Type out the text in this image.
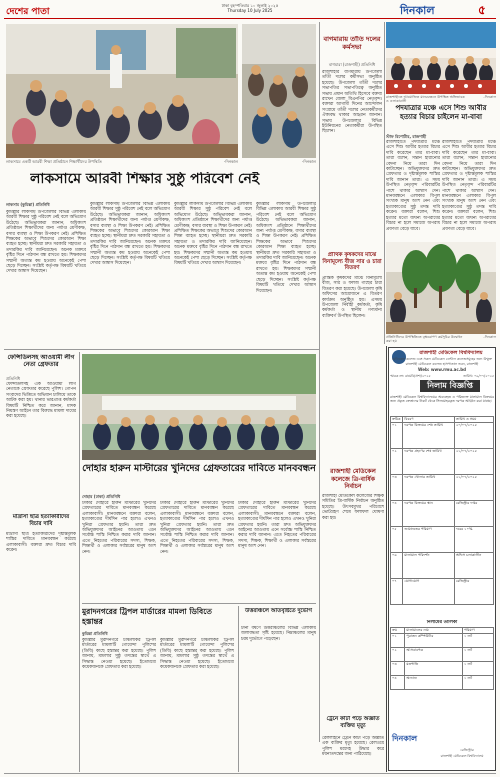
দেশের পাতা
ঢাকা বৃহস্পতিবার ১০ জুলাই ২০২৫
Thursday 10 July 2025	দিনকাল	৫
লাকসামে একটি আরবী শিক্ষা প্রতিষ্ঠানে শিক্ষার্থীদের উপস্থিতি	-দিনকাল
লাকসামে আরবী শিক্ষার সুষ্ঠু পরিবেশ নেই
লাকসাম (কুমিল্লা) প্রতিনিধি
কুমিল্লার লাকসাম উপজেলার বিভিন্ন এলাকায় আরবী শিক্ষার সুষ্ঠু পরিবেশ নেই বলে অভিযোগ উঠেছে। অভিভাবকরা জানান, অধিকাংশ প্রতিষ্ঠানে শিক্ষার্থীদের জন্য পর্যাপ্ত শ্রেণীকক্ষ, বসার ব্যবস্থা ও শিক্ষা উপকরণ নেই। প্রশিক্ষিত শিক্ষকের অভাবে শিশুদের কোরআন শিক্ষা ব্যাহত হচ্ছে। স্থানীয়রা দ্রুত সরকারি সহায়তা ও তদারকির দাবি জানিয়েছেন। অনেক মক্তবে বৃষ্টির দিনে পাঠদান বন্ধ রাখতে হয়। শিক্ষকদের সম্মানী অত্যন্ত কম হওয়ায় অনেকেই পেশা ছেড়ে দিচ্ছেন। সংশ্লিষ্ট কর্তৃপক্ষ বিষয়টি খতিয়ে দেখার আশ্বাস দিয়েছেন।
কুমিল্লার লাকসাম উপজেলার বিভিন্ন এলাকায় আরবী শিক্ষার সুষ্ঠু পরিবেশ নেই বলে অভিযোগ উঠেছে। অভিভাবকরা জানান, অধিকাংশ প্রতিষ্ঠানে শিক্ষার্থীদের জন্য পর্যাপ্ত শ্রেণীকক্ষ, বসার ব্যবস্থা ও শিক্ষা উপকরণ নেই। প্রশিক্ষিত শিক্ষকের অভাবে শিশুদের কোরআন শিক্ষা ব্যাহত হচ্ছে। স্থানীয়রা দ্রুত সরকারি সহায়তা ও তদারকির দাবি জানিয়েছেন। অনেক মক্তবে বৃষ্টির দিনে পাঠদান বন্ধ রাখতে হয়। শিক্ষকদের সম্মানী অত্যন্ত কম হওয়ায় অনেকেই পেশা ছেড়ে দিচ্ছেন। সংশ্লিষ্ট কর্তৃপক্ষ বিষয়টি খতিয়ে দেখার আশ্বাস দিয়েছেন।
কুমিল্লার লাকসাম উপজেলার বিভিন্ন এলাকায় আরবী শিক্ষার সুষ্ঠু পরিবেশ নেই বলে অভিযোগ উঠেছে। অভিভাবকরা জানান, অধিকাংশ প্রতিষ্ঠানে শিক্ষার্থীদের জন্য পর্যাপ্ত শ্রেণীকক্ষ, বসার ব্যবস্থা ও শিক্ষা উপকরণ নেই। প্রশিক্ষিত শিক্ষকের অভাবে শিশুদের কোরআন শিক্ষা ব্যাহত হচ্ছে। স্থানীয়রা দ্রুত সরকারি সহায়তা ও তদারকির দাবি জানিয়েছেন। অনেক মক্তবে বৃষ্টির দিনে পাঠদান বন্ধ রাখতে হয়। শিক্ষকদের সম্মানী অত্যন্ত কম হওয়ায় অনেকেই পেশা ছেড়ে দিচ্ছেন। সংশ্লিষ্ট কর্তৃপক্ষ বিষয়টি খতিয়ে দেখার আশ্বাস দিয়েছেন।
কুমিল্লার লাকসাম উপজেলার বিভিন্ন এলাকায় আরবী শিক্ষার সুষ্ঠু পরিবেশ নেই বলে অভিযোগ উঠেছে। অভিভাবকরা জানান, অধিকাংশ প্রতিষ্ঠানে শিক্ষার্থীদের জন্য পর্যাপ্ত শ্রেণীকক্ষ, বসার ব্যবস্থা ও শিক্ষা উপকরণ নেই। প্রশিক্ষিত শিক্ষকের অভাবে শিশুদের কোরআন শিক্ষা ব্যাহত হচ্ছে। স্থানীয়রা দ্রুত সরকারি সহায়তা ও তদারকির দাবি জানিয়েছেন। অনেক মক্তবে বৃষ্টির দিনে পাঠদান বন্ধ রাখতে হয়। শিক্ষকদের সম্মানী অত্যন্ত কম হওয়ায় অনেকেই পেশা ছেড়ে দিচ্ছেন। সংশ্লিষ্ট কর্তৃপক্ষ বিষয়টি খতিয়ে দেখার আশ্বাস দিয়েছেন।
-দিনকাল
বাগমারায় তাঁতি দলের কর্মসভা
বাগমারা (রাজশাহী) প্রতিনিধি
রাজশাহীর বাগমারায় উপজেলা তাঁতী দলের কর্মীসভা অনুষ্ঠিত হয়েছে। উপজেলা তাঁতী দলের সভাপতির সভাপতিত্বে অনুষ্ঠিত সভায় প্রধান অতিথি হিসেবে বক্তব্য রাখেন জেলা বিএনপির নেতৃবৃন্দ। বক্তারা আগামী দিনের আন্দোলন সংগ্রামে তাঁতী দলের নেতাকর্মীদের ঐক্যবদ্ধ থাকার আহ্বান জানান। সভায় উপজেলার বিভিন্ন ইউনিয়নের নেতাকর্মীরা উপস্থিত ছিলেন।
প্রাথিক কৃষকদের মাঝে বিনামূল্যে বীজ সার ও চারা বিতরণ
প্রান্তিক কৃষকদের মাঝে বিনামূল্যে বীজ, সার ও ফলজ গাছের চারা বিতরণ করা হয়েছে। উপজেলা কৃষি অফিসের আয়োজনে এ বিতরণ কার্যক্রম অনুষ্ঠিত হয়। এসময় উপজেলা নির্বাহী কর্মকর্তা, কৃষি কর্মকর্তা ও স্থানীয় গণ্যমান্য ব্যক্তিবর্গ উপস্থিত ছিলেন।
রাজশাহীতে আয়োজিত মানববন্ধনে উপস্থিত অভিভাবক ও এলাকাবাসী
-দিনকাল
পদযাত্রার মঞ্চে এসে শিশু আবীর হত্যার বিচার চাইলেন মা-বাবা
স্টাফ রিপোর্টার, রাজশাহী
রাজশাহীতে পদযাত্রার মঞ্চে এসে শিশু আবীর হত্যার বিচার দাবি করেছেন তার মা-বাবা। তারা বলেন, সন্তান হারানোর বেদনা নিয়ে তারা দিন কাটাচ্ছেন। অভিযুক্তদের দ্রুত গ্রেফতার ও দৃষ্টান্তমূলক শাস্তির দাবি জানান তারা। এ সময় উপস্থিত নেতৃবৃন্দ পরিবারটির পাশে থাকার আশ্বাস দেন। মানববন্ধনে এলাকার বিপুল সংখ্যক মানুষ অংশ নেন এবং হত্যাকাণ্ডের সুষ্ঠু তদন্ত দাবি করেন। বক্তারা বলেন, শিশু হত্যার মতো জঘন্য অপরাধের বিচার না হলে সমাজে অপরাধ প্রবণতা বেড়ে যাবে।
রাজশাহীতে পদযাত্রার মঞ্চে এসে শিশু আবীর হত্যার বিচার দাবি করেছেন তার মা-বাবা। তারা বলেন, সন্তান হারানোর বেদনা নিয়ে তারা দিন কাটাচ্ছেন। অভিযুক্তদের দ্রুত গ্রেফতার ও দৃষ্টান্তমূলক শাস্তির দাবি জানান তারা। এ সময় উপস্থিত নেতৃবৃন্দ পরিবারটির পাশে থাকার আশ্বাস দেন। মানববন্ধনে এলাকার বিপুল সংখ্যক মানুষ অংশ নেন এবং হত্যাকাণ্ডের সুষ্ঠু তদন্ত দাবি করেন। বক্তারা বলেন, শিশু হত্যার মতো জঘন্য অপরাধের বিচার না হলে সমাজে অপরাধ প্রবণতা বেড়ে যাবে।
প্রতিনিধিদের উপস্থিতিতে বৃক্ষরোপণ কর্মসূচির উদ্বোধন করা হয়
-দিনকাল
ফেন্সিডিলসহ আওয়ামী লীগ নেতা গ্রেফতার
প্রতিনিধি
ফেন্সিডিলসহ এক আওয়ামী লীগ নেতাকে গ্রেফতার করেছে পুলিশ। গোপন সংবাদের ভিত্তিতে অভিযান চালিয়ে তাকে আটক করা হয়। থানার ভারপ্রাপ্ত কর্মকর্তা বিষয়টি নিশ্চিত করে জানান, মাদক নিয়ন্ত্রণ আইনে তার বিরুদ্ধে মামলা দায়ের করা হয়েছে।
মাদ্রাসা ছাত্র হত্যাকারীদের বিচার দাবি
মাদ্রাসা ছাত্র হত্যাকারীদের দৃষ্টান্তমূলক শাস্তির দাবিতে মানববন্ধন করেছে এলাকাবাসী। বক্তারা দ্রুত বিচার দাবি করেন।
দোহার হারুন মাস্টারের খুনিদের গ্রেফতারের দাবিতে মানববন্ধন
দোহার (ঢাকা) প্রতিনিধি
ঢাকার দোহারে হারুন মাস্টারের খুনিদের গ্রেফতারের দাবিতে মানববন্ধন করেছে এলাকাবাসী। মানববন্ধনে বক্তারা বলেন, হত্যাকাণ্ডের দীর্ঘদিন পার হলেও এখনও খুনিরা গ্রেফতার হয়নি। তারা দ্রুত অভিযুক্তদের আইনের আওতায় এনে সর্বোচ্চ শাস্তি নিশ্চিত করার দাবি জানান। এতে নিহতের পরিবারের সদস্য, শিক্ষক, শিক্ষার্থী ও এলাকার সর্বস্তরের মানুষ অংশ নেন।
ঢাকার দোহারে হারুন মাস্টারের খুনিদের গ্রেফতারের দাবিতে মানববন্ধন করেছে এলাকাবাসী। মানববন্ধনে বক্তারা বলেন, হত্যাকাণ্ডের দীর্ঘদিন পার হলেও এখনও খুনিরা গ্রেফতার হয়নি। তারা দ্রুত অভিযুক্তদের আইনের আওতায় এনে সর্বোচ্চ শাস্তি নিশ্চিত করার দাবি জানান। এতে নিহতের পরিবারের সদস্য, শিক্ষক, শিক্ষার্থী ও এলাকার সর্বস্তরের মানুষ অংশ নেন।
ঢাকার দোহারে হারুন মাস্টারের খুনিদের গ্রেফতারের দাবিতে মানববন্ধন করেছে এলাকাবাসী। মানববন্ধনে বক্তারা বলেন, হত্যাকাণ্ডের দীর্ঘদিন পার হলেও এখনও খুনিরা গ্রেফতার হয়নি। তারা দ্রুত অভিযুক্তদের আইনের আওতায় এনে সর্বোচ্চ শাস্তি নিশ্চিত করার দাবি জানান। এতে নিহতের পরিবারের সদস্য, শিক্ষক, শিক্ষার্থী ও এলাকার সর্বস্তরের মানুষ অংশ নেন।
মুরাদনগরের ট্রিপল মার্ডারের মামলা ডিবিতে হস্তান্তর
কুমিল্লা প্রতিনিধি
কুমিল্লার মুরাদনগরে চাঞ্চল্যকর ট্রিপল মার্ডারের মামলাটি গোয়েন্দা পুলিশের (ডিবি) কাছে হস্তান্তর করা হয়েছে। পুলিশ জানায়, মামলার সুষ্ঠু তদন্তের স্বার্থে এ সিদ্ধান্ত নেওয়া হয়েছে। ইতোমধ্যে কয়েকজনকে গ্রেফতার করা হয়েছে।
কুমিল্লার মুরাদনগরে চাঞ্চল্যকর ট্রিপল মার্ডারের মামলাটি গোয়েন্দা পুলিশের (ডিবি) কাছে হস্তান্তর করা হয়েছে। পুলিশ জানায়, মামলার সুষ্ঠু তদন্তের স্বার্থে এ সিদ্ধান্ত নেওয়া হয়েছে। ইতোমধ্যে কয়েকজনকে গ্রেফতার করা হয়েছে।
উত্তরাঞ্চলে অতিবৃষ্টিতে দুর্ভোগ
টানা বর্ষণে উত্তরাঞ্চলের বিভিন্ন এলাকায় জলাবদ্ধতা সৃষ্টি হয়েছে। নিম্নাঞ্চলের মানুষ চরম দুর্ভোগে পড়েছেন।
রাজশাহী মেডিকেল কলেজে ত্রি-বার্ষিক নির্বাচন
রাজশাহী মেডিকেল কলেজের শিক্ষক সমিতির ত্রি-বার্ষিক নির্বাচন অনুষ্ঠিত হয়েছে। উৎসবমুখর পরিবেশে ভোটগ্রহণ শেষে ফলাফল ঘোষণা করা হয়।
ট্রেনে কাটা পড়ে অজ্ঞাত ব্যক্তির মৃত্যু
রেললাইনে ট্রেনে কাটা পড়ে অজ্ঞাত এক ব্যক্তির মৃত্যু হয়েছে। রেলওয়ে পুলিশ মরদেহ উদ্ধার করে ময়নাতদন্তের জন্য পাঠিয়েছে।
রাজশাহী মেডিকেল বিশ্ববিদ্যালয়
মেডিকেল কলেজ এবং সকল মেডিকেল ডেন্টাল কলেজসমূহের জন্য উন্মুক্ত
রাজশাহী মেডিকেল কলেজ হাসপাতাল ভবন, রাজশাহী
Web: www.rmu.ac.bd
স্মারক নং: রামেবি/প্রশা/২০২৫	তারিখ: ০৯/০৭/২০২৫
নিলাম বিজ্ঞপ্তি
রাজশাহী মেডিকেল বিশ্ববিদ্যালয়ের অব্যবহৃত ও পরিত্যক্ত মালামাল বিক্রয়ের জন্য প্রকৃত ক্রেতাদের নিকট থেকে সিলমোহরকৃত দরপত্র আহ্বান করা যাচ্ছে।
ক্রমিক	বিবরণ	তারিখ ও সময়
০১	দরপত্র বিক্রয়ের শেষ তারিখ	২০/০৭/২০২৫
০২	দরপত্র গ্রহণের শেষ তারিখ	২১/০৭/২০২৫
০৩	দরপত্র খোলার তারিখ	২১/০৭/২০২৫
০৪	দরপত্র বিক্রয়ের স্থান	রেজিস্ট্রার দপ্তর
০৫	জামানতের পরিমাণ	দরের ১০%
০৬	মালামাল পরিদর্শন	অফিস চলাকালীন
০৭	যোগাযোগ	রেজিস্ট্রার
নিলামের তালিকা
ক্রম	মালামালের নাম	পরিমাণ
০১	পুরাতন কম্পিউটার	১ লট
০২	আসবাবপত্র	১ লট
০৩	যন্ত্রপাতি	১ লট
০৪	অন্যান্য	১ লট
দিনকাল
রেজিস্ট্রার
রাজশাহী মেডিকেল বিশ্ববিদ্যালয়
